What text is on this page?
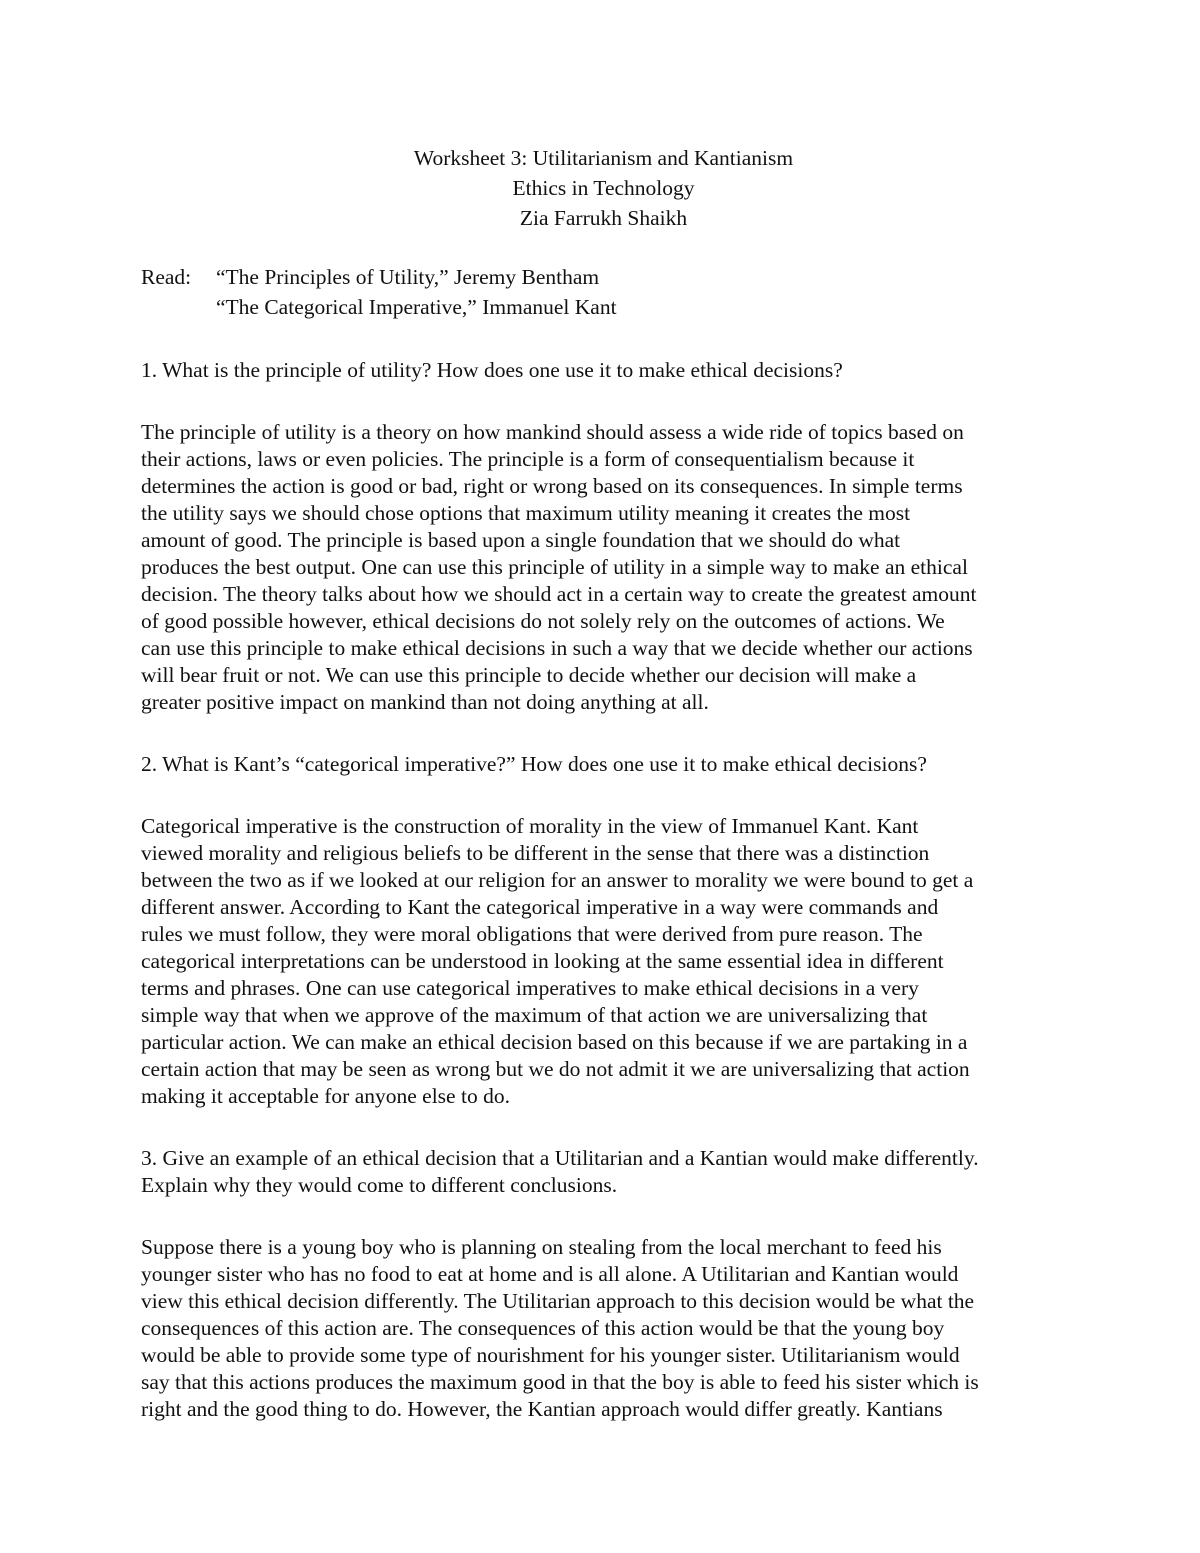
Worksheet 3: Utilitarianism and Kantianism
Ethics in Technology
Zia Farrukh Shaikh
Read:	“The Principles of Utility,” Jeremy Bentham
“The Categorical Imperative,” Immanuel Kant
1. What is the principle of utility? How does one use it to make ethical decisions?
The principle of utility is a theory on how mankind should assess a wide ride of topics based on
their actions, laws or even policies. The principle is a form of consequentialism because it
determines the action is good or bad, right or wrong based on its consequences. In simple terms
the utility says we should chose options that maximum utility meaning it creates the most
amount of good. The principle is based upon a single foundation that we should do what
produces the best output. One can use this principle of utility in a simple way to make an ethical
decision. The theory talks about how we should act in a certain way to create the greatest amount
of good possible however, ethical decisions do not solely rely on the outcomes of actions. We
can use this principle to make ethical decisions in such a way that we decide whether our actions
will bear fruit or not. We can use this principle to decide whether our decision will make a
greater positive impact on mankind than not doing anything at all.
2. What is Kant’s “categorical imperative?” How does one use it to make ethical decisions?
Categorical imperative is the construction of morality in the view of Immanuel Kant. Kant
viewed morality and religious beliefs to be different in the sense that there was a distinction
between the two as if we looked at our religion for an answer to morality we were bound to get a
different answer. According to Kant the categorical imperative in a way were commands and
rules we must follow, they were moral obligations that were derived from pure reason. The
categorical interpretations can be understood in looking at the same essential idea in different
terms and phrases. One can use categorical imperatives to make ethical decisions in a very
simple way that when we approve of the maximum of that action we are universalizing that
particular action. We can make an ethical decision based on this because if we are partaking in a
certain action that may be seen as wrong but we do not admit it we are universalizing that action
making it acceptable for anyone else to do.
3. Give an example of an ethical decision that a Utilitarian and a Kantian would make differently.
Explain why they would come to different conclusions.
Suppose there is a young boy who is planning on stealing from the local merchant to feed his
younger sister who has no food to eat at home and is all alone. A Utilitarian and Kantian would
view this ethical decision differently. The Utilitarian approach to this decision would be what the
consequences of this action are. The consequences of this action would be that the young boy
would be able to provide some type of nourishment for his younger sister. Utilitarianism would
say that this actions produces the maximum good in that the boy is able to feed his sister which is
right and the good thing to do. However, the Kantian approach would differ greatly. Kantians
